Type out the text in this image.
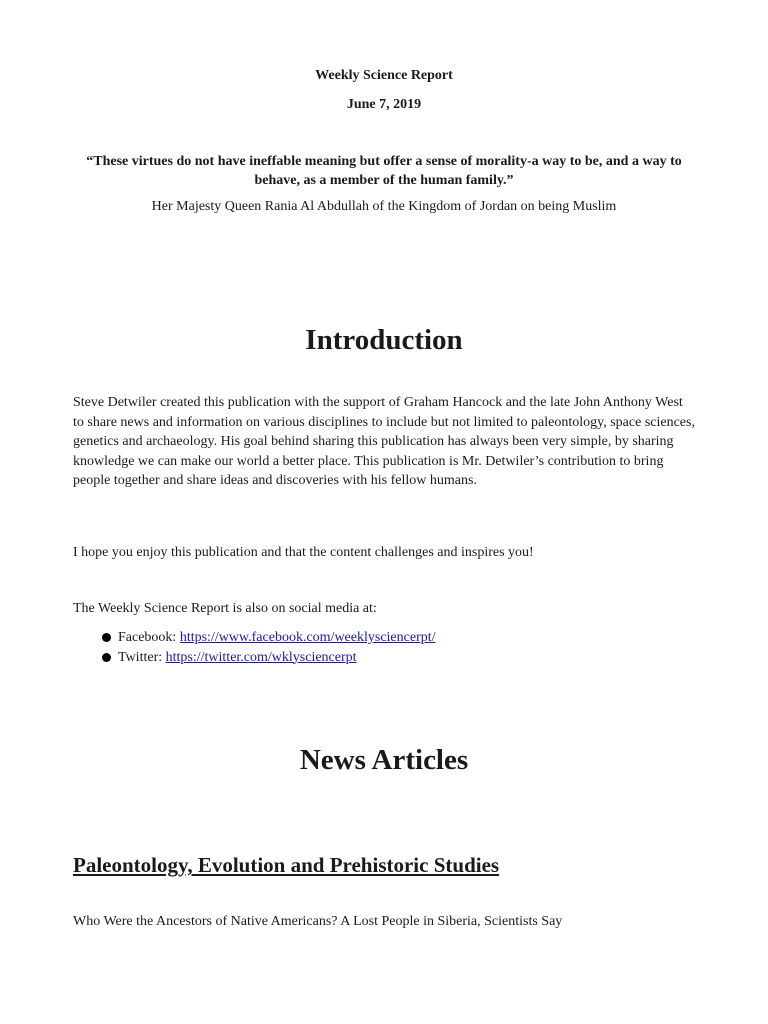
Weekly Science Report
June 7, 2019
“These virtues do not have ineffable meaning but offer a sense of morality-a way to be, and a way to behave, as a member of the human family.”
Her Majesty Queen Rania Al Abdullah of the Kingdom of Jordan on being Muslim
Introduction

Steve Detwiler created this publication with the support of Graham Hancock and the late John Anthony West to share news and information on various disciplines to include but not limited to paleontology, space sciences, genetics and archaeology. His goal behind sharing this publication has always been very simple, by sharing knowledge we can make our world a better place. This publication is Mr. Detwiler’s contribution to bring people together and share ideas and discoveries with his fellow humans.

I hope you enjoy this publication and that the content challenges and inspires you!

The Weekly Science Report is also on social media at:

Facebook: https://www.facebook.com/weeklysciencerpt/
Twitter: https://twitter.com/wklysciencerpt
News Articles
Paleontology, Evolution and Prehistoric Studies

Who Were the Ancestors of Native Americans? A Lost People in Siberia, Scientists Say
